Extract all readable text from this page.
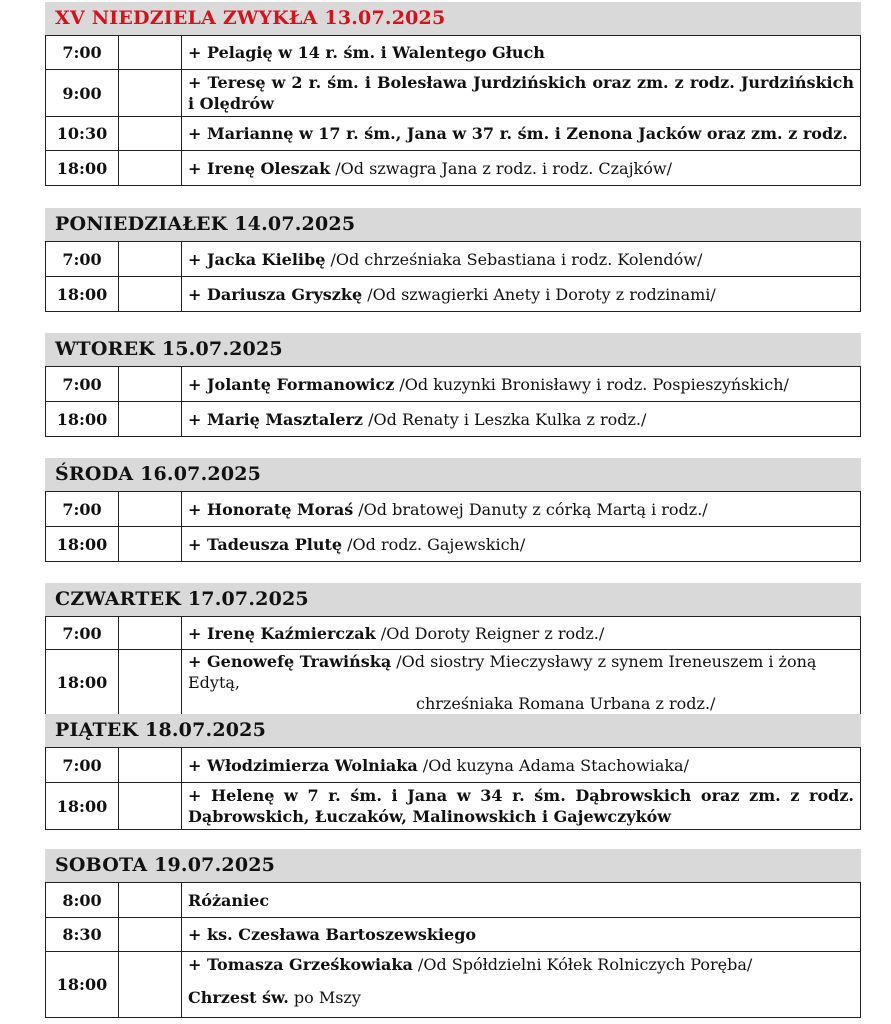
XV NIEDZIELA ZWYKŁA 13.07.2025
7:00		+ Pelagię w 14 r. śm. i Walentego Głuch
9:00		+ Teresę w 2 r. śm. i Bolesława Jurdzińskich oraz zm. z rodz. Jurdzińskich i Olędrów
10:30		+ Mariannę w 17 r. śm., Jana w 37 r. śm. i Zenona Jacków oraz zm. z rodz.
18:00		+ Irenę Oleszak /Od szwagra Jana z rodz. i rodz. Czajków/
PONIEDZIAŁEK 14.07.2025
7:00		+ Jacka Kielibę /Od chrześniaka Sebastiana i rodz. Kolendów/
18:00		+ Dariusza Gryszkę /Od szwagierki Anety i Doroty z rodzinami/
WTOREK 15.07.2025
7:00		+ Jolantę Formanowicz /Od kuzynki Bronisławy i rodz. Pospieszyńskich/
18:00		+ Marię Masztalerz /Od Renaty i Leszka Kulka z rodz./
ŚRODA 16.07.2025
7:00		+ Honoratę Moraś /Od bratowej Danuty z córką Martą i rodz./
18:00		+ Tadeusza Plutę /Od rodz. Gajewskich/
CZWARTEK 17.07.2025
7:00		+ Irenę Kaźmierczak /Od Doroty Reigner z rodz./
18:00		+ Genowefę Trawińską /Od siostry Mieczysławy z synem Ireneuszem i żoną Edytą,
chrześniaka Romana Urbana z rodz./
PIĄTEK 18.07.2025
7:00		+ Włodzimierza Wolniaka /Od kuzyna Adama Stachowiaka/
18:00		+ Helenę w 7 r. śm. i Jana w 34 r. śm. Dąbrowskich oraz zm. z rodz. Dąbrowskich, Łuczaków, Malinowskich i Gajewczyków
SOBOTA 19.07.2025
8:00		Różaniec
8:30		+ ks. Czesława Bartoszewskiego
18:00		+ Tomasza Grześkowiaka /Od Spółdzielni Kółek Rolniczych Poręba/
Chrzest św. po Mszy
